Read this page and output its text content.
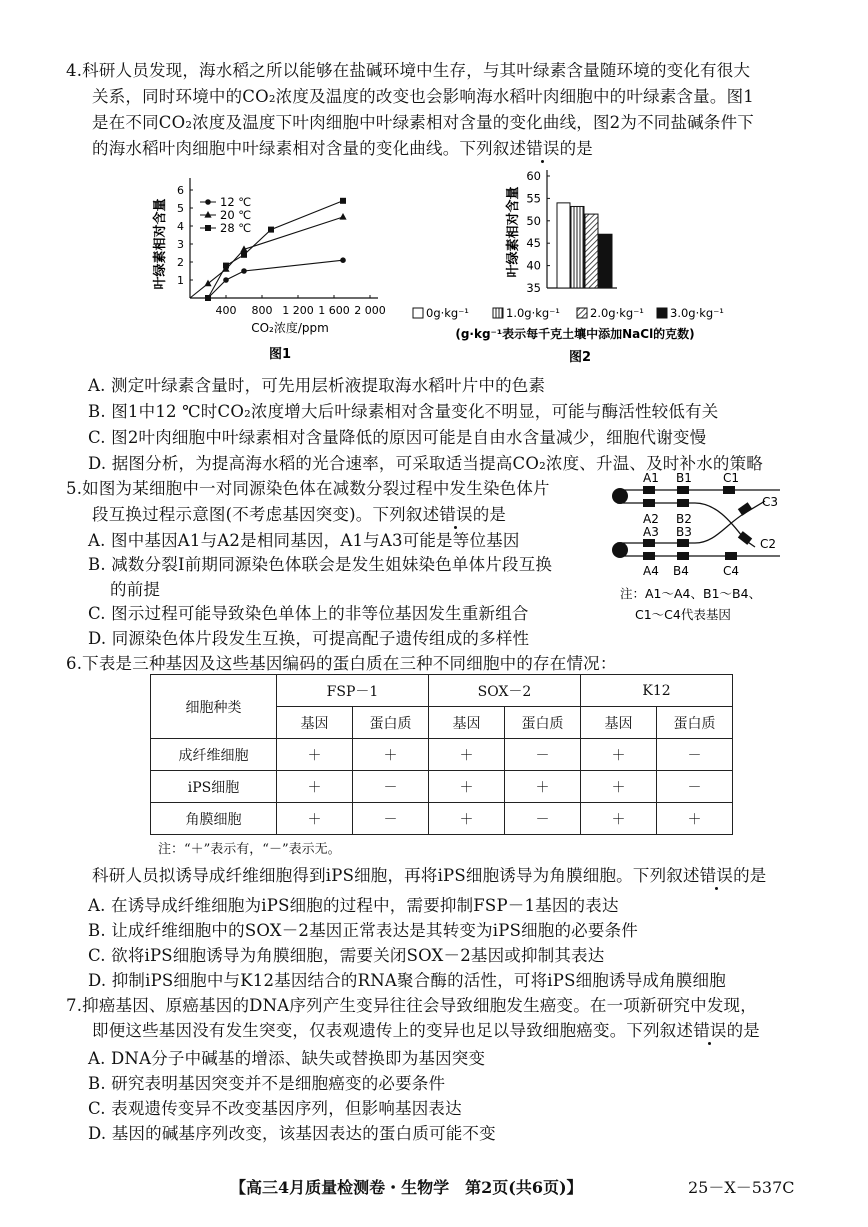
4.科研人员发现，海水稻之所以能够在盐碱环境中生存，与其叶绿素含量随环境的变化有很大
关系，同时环境中的CO₂浓度及温度的改变也会影响海水稻叶肉细胞中的叶绿素含量。图1
是在不同CO₂浓度及温度下叶肉细胞中叶绿素相对含量的变化曲线，图2为不同盐碱条件下
的海水稻叶肉细胞中叶绿素相对含量的变化曲线。下列叙述错误的是
1
2
3
4
5
6
400 800 1 200 1 600 2 000
CO₂浓度/ppm
叶绿素相对含量
图1
12 ℃
20 ℃
28 ℃
35
40
45
50
55
60
叶绿素相对含量
0g·kg⁻¹	1.0g·kg⁻¹	2.0g·kg⁻¹ 3.0g·kg⁻¹
(g·kg⁻¹表示每千克土壤中添加NaCl的克数)
图2
A. 测定叶绿素含量时，可先用层析液提取海水稻叶片中的色素
B. 图1中12 ℃时CO₂浓度增大后叶绿素相对含量变化不明显，可能与酶活性较低有关
C. 图2叶肉细胞中叶绿素相对含量降低的原因可能是自由水含量减少，细胞代谢变慢
D. 据图分析，为提高海水稻的光合速率，可采取适当提高CO₂浓度、升温、及时补水的策略
5.如图为某细胞中一对同源染色体在减数分裂过程中发生染色体片
段互换过程示意图(不考虑基因突变)。下列叙述错误的是
A. 图中基因A1与A2是相同基因，A1与A3可能是等位基因
B. 减数分裂Ⅰ前期同源染色体联会是发生姐妹染色单体片段互换
的前提
C. 图示过程可能导致染色单体上的非等位基因发生重新组合
D. 同源染色体片段发生互换，可提高配子遗传组成的多样性
A1 B1	C1
A2 B2
C2
A3 B3
C3
A4 B4	C4
注：A1～A4、B1～B4、
C1～C4代表基因
6.下表是三种基因及这些基因编码的蛋白质在三种不同细胞中的存在情况：
细胞种类	FSP－1		SOX－2		K12	
	基因	蛋白质	基因	蛋白质	基因	蛋白质
成纤维细胞	＋	＋	＋	－	＋	－
iPS细胞	＋	－	＋	＋	＋	－
角膜细胞	＋	－	＋	－	＋	＋
注：“＋”表示有，“－”表示无。
科研人员拟诱导成纤维细胞得到iPS细胞，再将iPS细胞诱导为角膜细胞。下列叙述错误的是
A. 在诱导成纤维细胞为iPS细胞的过程中，需要抑制FSP－1基因的表达
B. 让成纤维细胞中的SOX－2基因正常表达是其转变为iPS细胞的必要条件
C. 欲将iPS细胞诱导为角膜细胞，需要关闭SOX－2基因或抑制其表达
D. 抑制iPS细胞中与K12基因结合的RNA聚合酶的活性，可将iPS细胞诱导成角膜细胞
7.抑癌基因、原癌基因的DNA序列产生变异往往会导致细胞发生癌变。在一项新研究中发现，
即便这些基因没有发生突变，仅表观遗传上的变异也足以导致细胞癌变。下列叙述错误的是
A. DNA分子中碱基的增添、缺失或替换即为基因突变
B. 研究表明基因突变并不是细胞癌变的必要条件
C. 表观遗传变异不改变基因序列，但影响基因表达
D. 基因的碱基序列改变，该基因表达的蛋白质可能不变
【高三4月质量检测卷・生物学　第2页(共6页)】	25－X－537C
